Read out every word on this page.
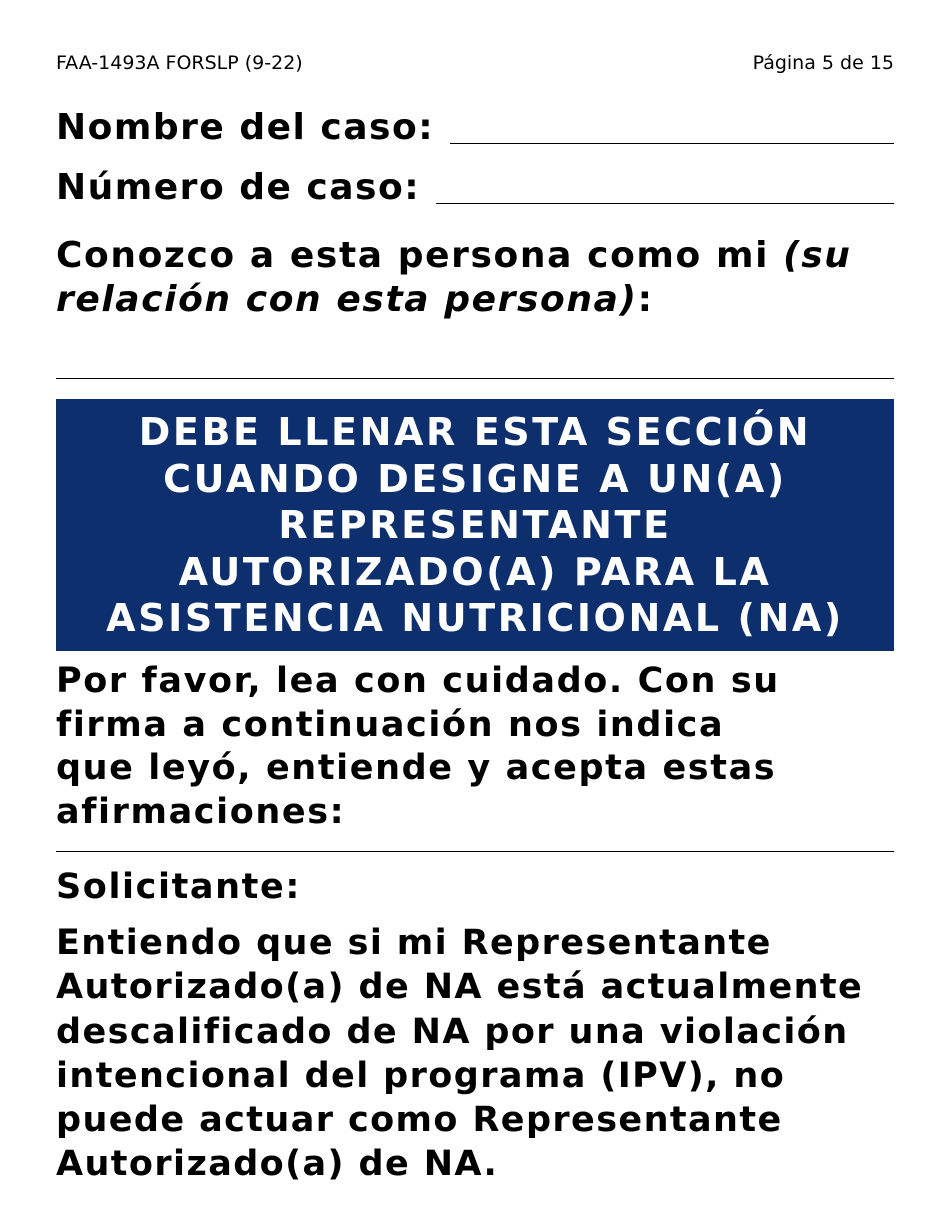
FAA-1493A FORSLP (9-22)	Página 5 de 15
Nombre del caso:
Número de caso:
Conozco a esta persona como mi (su relación con esta persona):
DEBE LLENAR ESTA SECCIÓN
CUANDO DESIGNE A UN(A)
REPRESENTANTE
AUTORIZADO(A) PARA LA
ASISTENCIA NUTRICIONAL (NA)
Por favor, lea con cuidado. Con su
firma a continuación nos indica
que leyó, entiende y acepta estas
afirmaciones:
Solicitante:
Entiendo que si mi Representante
Autorizado(a) de NA está actualmente
descalificado de NA por una violación
intencional del programa (IPV), no
puede actuar como Representante
Autorizado(a) de NA.
